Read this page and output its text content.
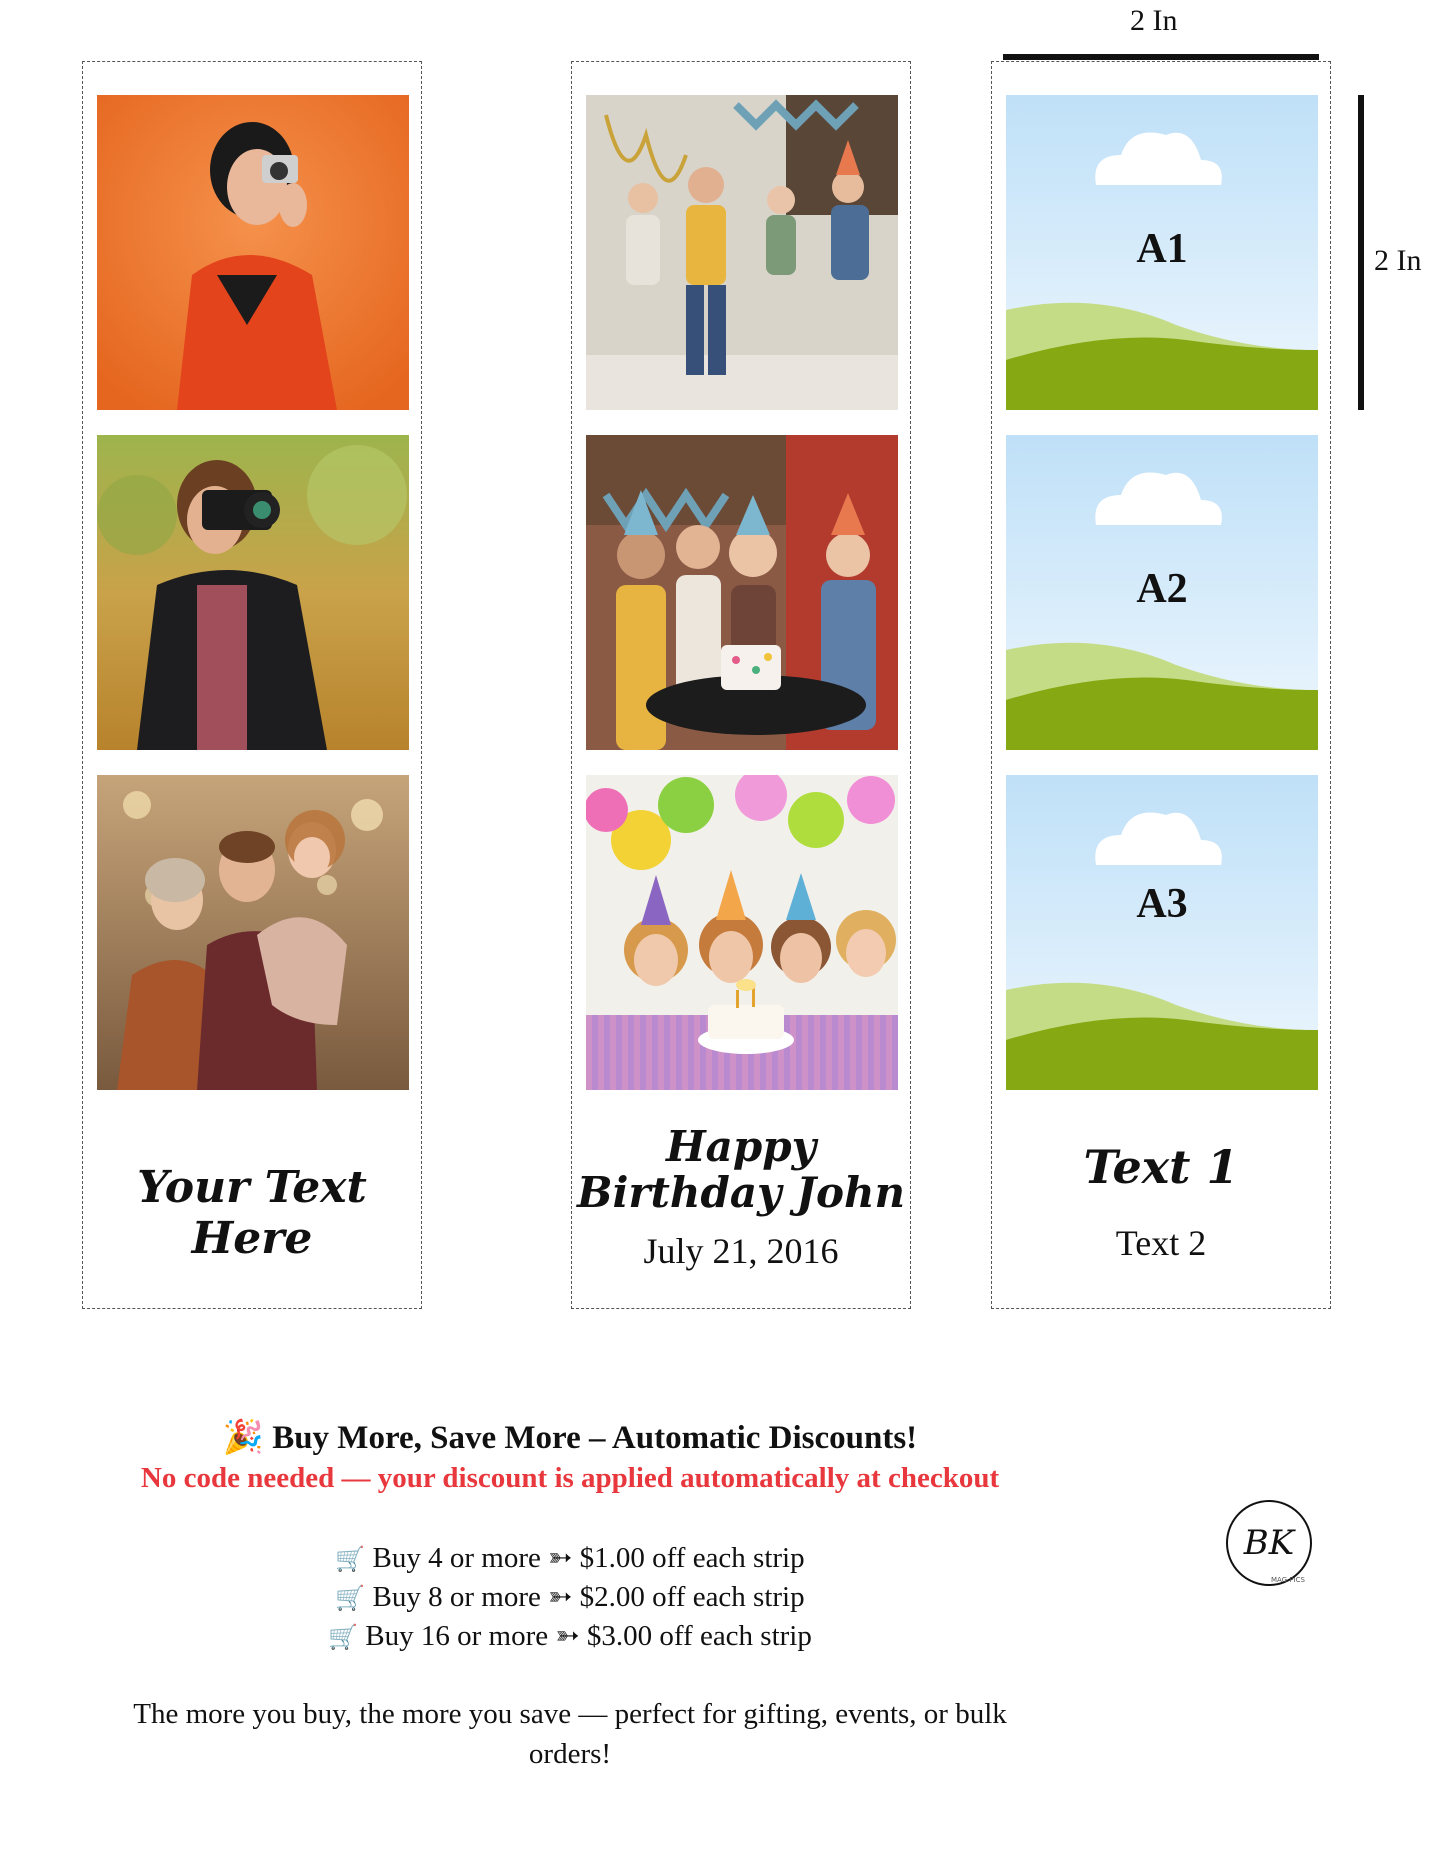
2 In
2 In
Your Text Here
Happy Birthday John
July 21, 2016
A1
A2
A3
Text 1
Text 2
🎉 Buy More, Save More – Automatic Discounts!
No code needed — your discount is applied automatically at checkout
🛒 Buy 4 or more ➳ $1.00 off each strip
🛒 Buy 8 or more ➳ $2.00 off each strip
🛒 Buy 16 or more ➳ $3.00 off each strip
The more you buy, the more you save — perfect for gifting, events, or bulk orders!
BK
MAG PICS
